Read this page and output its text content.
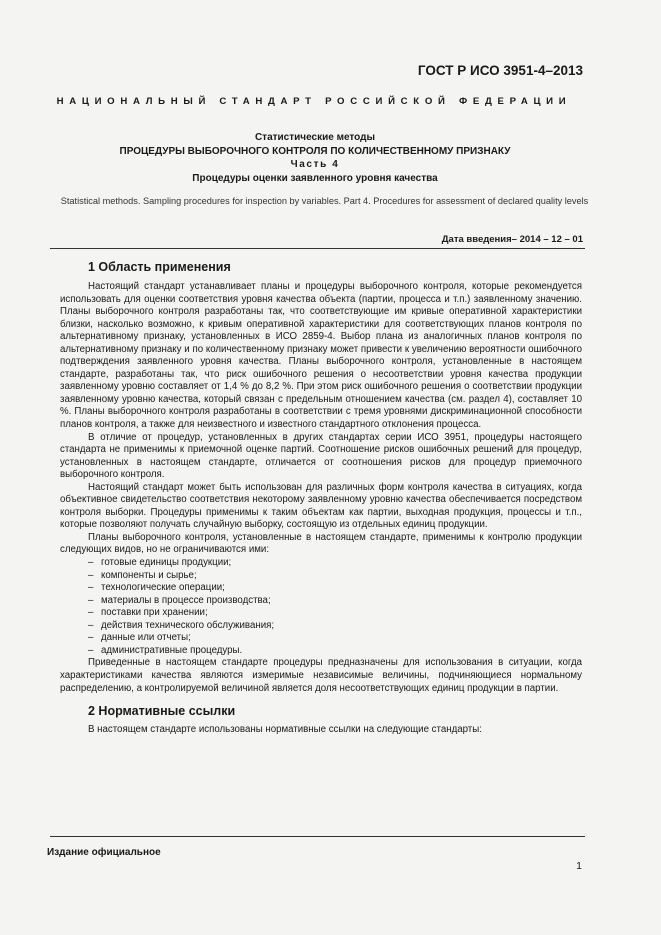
ГОСТ Р ИСО 3951-4–2013
НАЦИОНАЛЬНЫЙ СТАНДАРТ РОССИЙСКОЙ ФЕДЕРАЦИИ
Статистические методы
ПРОЦЕДУРЫ ВЫБОРОЧНОГО КОНТРОЛЯ ПО КОЛИЧЕСТВЕННОМУ ПРИЗНАКУ
Часть 4
Процедуры оценки заявленного уровня качества
Statistical methods. Sampling procedures for inspection by variables. Part 4. Procedures for assessment of declared quality levels
Дата введения– 2014 – 12 – 01
1 Область применения

Настоящий стандарт устанавливает планы и процедуры выборочного контроля, которые рекомендуется использовать для оценки соответствия уровня качества объекта (партии, процесса и т.п.) заявленному значению. Планы выборочного контроля разработаны так, что соответствующие им кривые оперативной характеристики близки, насколько возможно, к кривым оперативной характеристики для соответствующих планов контроля по альтернативному признаку, установленных в ИСО 2859-4. Выбор плана из аналогичных планов контроля по альтернативному признаку и по количественному признаку может привести к увеличению вероятности ошибочного подтверждения заявленного уровня качества. Планы выборочного контроля, установленные в настоящем стандарте, разработаны так, что риск ошибочного решения о несоответствии уровня качества продукции заявленному уровню составляет от 1,4 % до 8,2 %. При этом риск ошибочного решения о соответствии продукции заявленному уровню качества, который связан с предельным отношением качества (см. раздел 4), составляет 10 %. Планы выборочного контроля разработаны в соответствии с тремя уровнями дискриминационной способности планов контроля, а также для неизвестного и известного стандартного отклонения процесса.

В отличие от процедур, установленных в других стандартах серии ИСО 3951, процедуры настоящего стандарта не применимы к приемочной оценке партий. Соотношение рисков ошибочных решений для процедур, установленных в настоящем стандарте, отличается от соотношения рисков для процедур приемочного выборочного контроля.

Настоящий стандарт может быть использован для различных форм контроля качества в ситуациях, когда объективное свидетельство соответствия некоторому заявленному уровню качества обеспечивается посредством контроля выборки. Процедуры применимы к таким объектам как партии, выходная продукция, процессы и т.п., которые позволяют получать случайную выборку, состоящую из отдельных единиц продукции.

Планы выборочного контроля, установленные в настоящем стандарте, применимы к контролю продукции следующих видов, но не ограничиваются ими:

– готовые единицы продукции;
– компоненты и сырье;
– технологические операции;
– материалы в процессе производства;
– поставки при хранении;
– действия технического обслуживания;
– данные или отчеты;
– административные процедуры.

Приведенные в настоящем стандарте процедуры предназначены для использования в ситуации, когда характеристиками качества являются измеримые независимые величины, подчиняющиеся нормальному распределению, а контролируемой величиной является доля несоответствующих единиц продукции в партии.

2 Нормативные ссылки

В настоящем стандарте использованы нормативные ссылки на следующие стандарты:

Издание официальное
1
